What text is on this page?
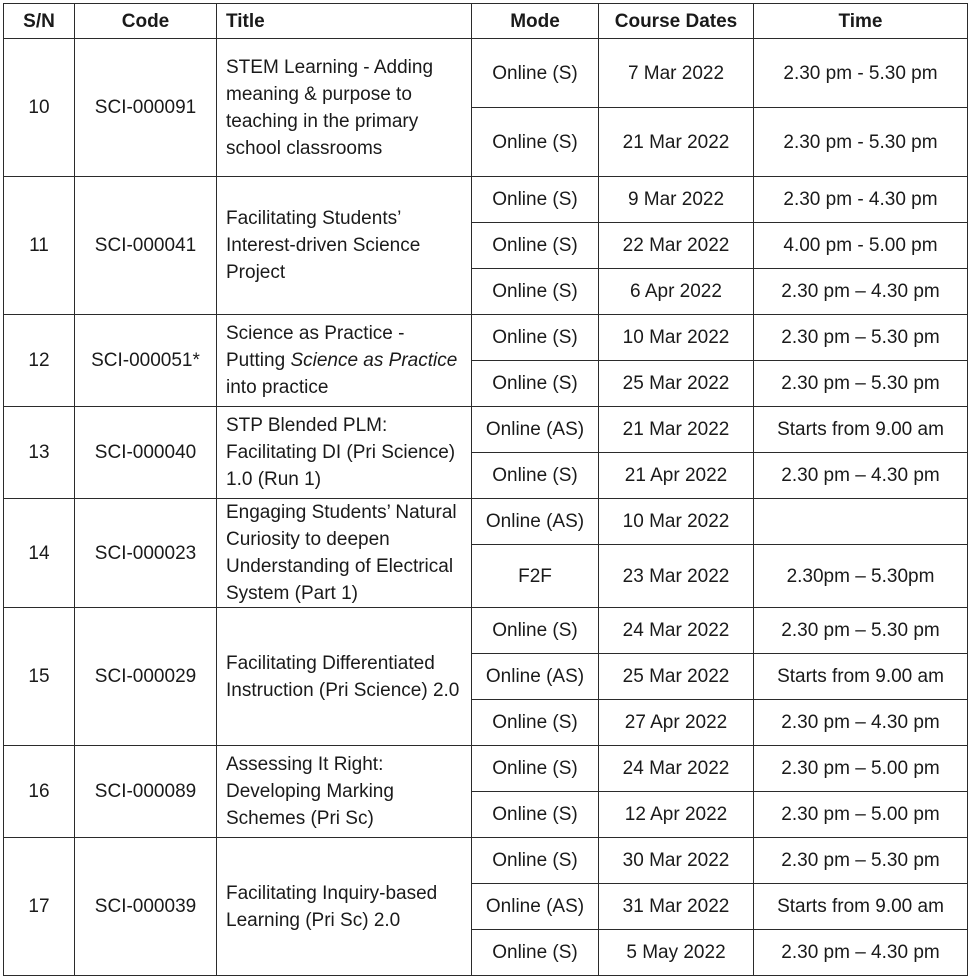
S/N	Code	Title	Mode	Course Dates	Time
10	SCI-000091	STEM Learning - Adding meaning & purpose to teaching in the primary school classrooms	Online (S)	7 Mar 2022	2.30 pm - 5.30 pm
			Online (S)	21 Mar 2022	2.30 pm - 5.30 pm
11	SCI-000041	Facilitating Students’ Interest-driven Science Project	Online (S)	9 Mar 2022	2.30 pm - 4.30 pm
			Online (S)	22 Mar 2022	4.00 pm - 5.00 pm
			Online (S)	6 Apr 2022	2.30 pm – 4.30 pm
12	SCI-000051*	Science as Practice - Putting Science as Practice into practice	Online (S)	10 Mar 2022	2.30 pm – 5.30 pm
			Online (S)	25 Mar 2022	2.30 pm – 5.30 pm
13	SCI-000040	STP Blended PLM: Facilitating DI (Pri Science) 1.0 (Run 1)	Online (AS)	21 Mar 2022	Starts from 9.00 am
			Online (S)	21 Apr 2022	2.30 pm – 4.30 pm
14	SCI-000023	Engaging Students’ Natural Curiosity to deepen Understanding of Electrical System (Part 1)	Online (AS)	10 Mar 2022	
			F2F	23 Mar 2022	2.30pm – 5.30pm
15	SCI-000029	Facilitating Differentiated Instruction (Pri Science) 2.0	Online (S)	24 Mar 2022	2.30 pm – 5.30 pm
			Online (AS)	25 Mar 2022	Starts from 9.00 am
			Online (S)	27 Apr 2022	2.30 pm – 4.30 pm
16	SCI-000089	Assessing It Right: Developing Marking Schemes (Pri Sc)	Online (S)	24 Mar 2022	2.30 pm – 5.00 pm
			Online (S)	12 Apr 2022	2.30 pm – 5.00 pm
17	SCI-000039	Facilitating Inquiry-based Learning (Pri Sc) 2.0	Online (S)	30 Mar 2022	2.30 pm – 5.30 pm
			Online (AS)	31 Mar 2022	Starts from 9.00 am
			Online (S)	5 May 2022	2.30 pm – 4.30 pm
